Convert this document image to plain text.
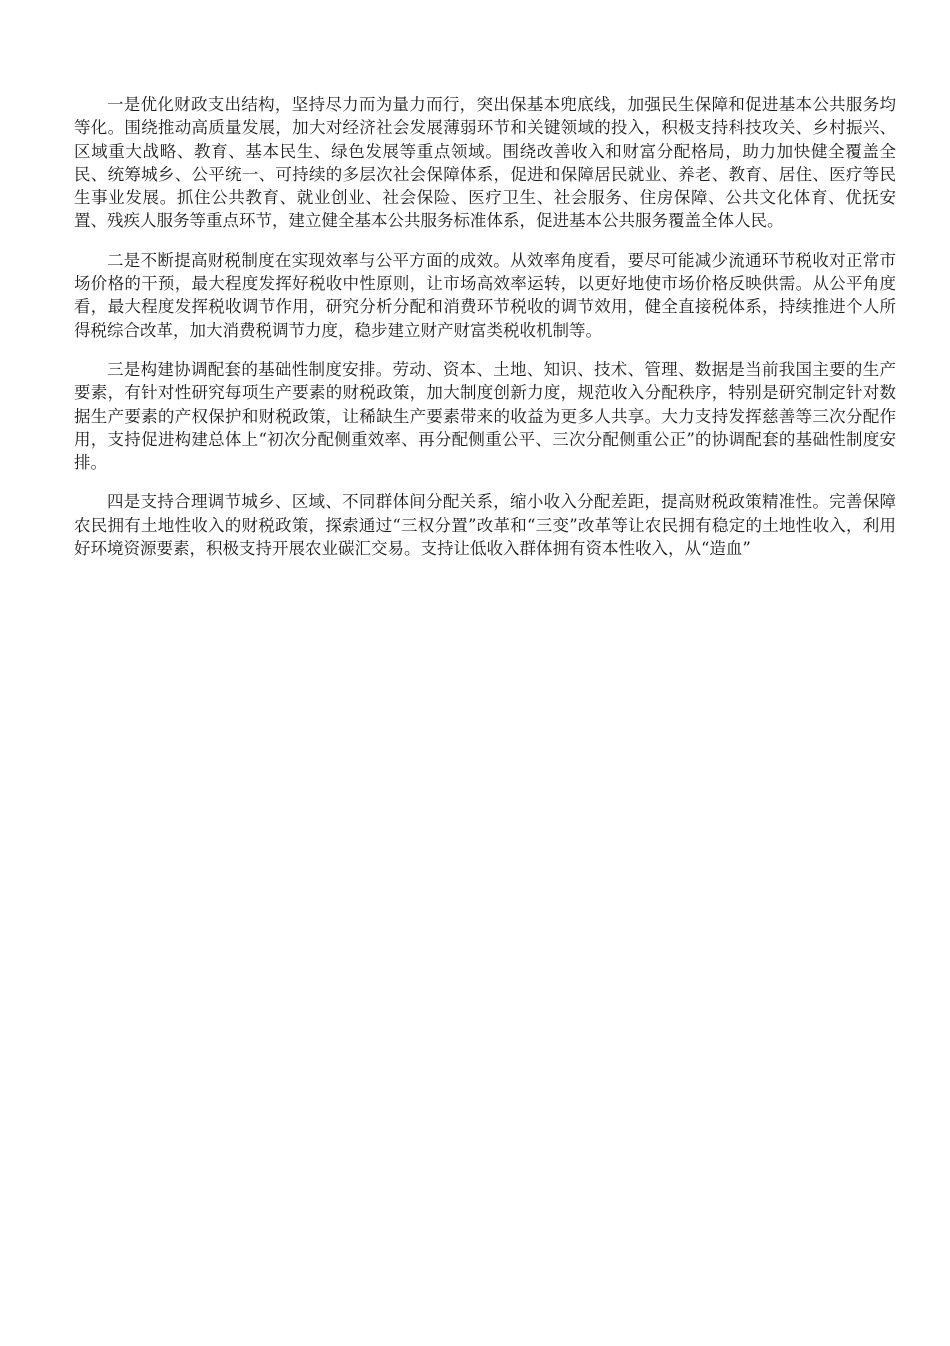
一是优化财政支出结构，坚持尽力而为量力而行，突出保基本兜底线，加强民生保障和促进基本公共服务均等化。围绕推动高质量发展，加大对经济社会发展薄弱环节和关键领域的投入，积极支持科技攻关、乡村振兴、区域重大战略、教育、基本民生、绿色发展等重点领域。围绕改善收入和财富分配格局，助力加快健全覆盖全民、统筹城乡、公平统一、可持续的多层次社会保障体系，促进和保障居民就业、养老、教育、居住、医疗等民生事业发展。抓住公共教育、就业创业、社会保险、医疗卫生、社会服务、住房保障、公共文化体育、优抚安置、残疾人服务等重点环节，建立健全基本公共服务标准体系，促进基本公共服务覆盖全体人民。

二是不断提高财税制度在实现效率与公平方面的成效。从效率角度看，要尽可能减少流通环节税收对正常市场价格的干预，最大程度发挥好税收中性原则，让市场高效率运转，以更好地使市场价格反映供需。从公平角度看，最大程度发挥税收调节作用，研究分析分配和消费环节税收的调节效用，健全直接税体系，持续推进个人所得税综合改革，加大消费税调节力度，稳步建立财产财富类税收机制等。

三是构建协调配套的基础性制度安排。劳动、资本、土地、知识、技术、管理、数据是当前我国主要的生产要素，有针对性研究每项生产要素的财税政策，加大制度创新力度，规范收入分配秩序，特别是研究制定针对数据生产要素的产权保护和财税政策，让稀缺生产要素带来的收益为更多人共享。大力支持发挥慈善等三次分配作用，支持促进构建总体上“初次分配侧重效率、再分配侧重公平、三次分配侧重公正”的协调配套的基础性制度安排。

四是支持合理调节城乡、区域、不同群体间分配关系，缩小收入分配差距，提高财税政策精准性。完善保障农民拥有土地性收入的财税政策，探索通过“三权分置”改革和“三变”改革等让农民拥有稳定的土地性收入，利用好环境资源要素，积极支持开展农业碳汇交易。支持让低收入群体拥有资本性收入，从“造血”
